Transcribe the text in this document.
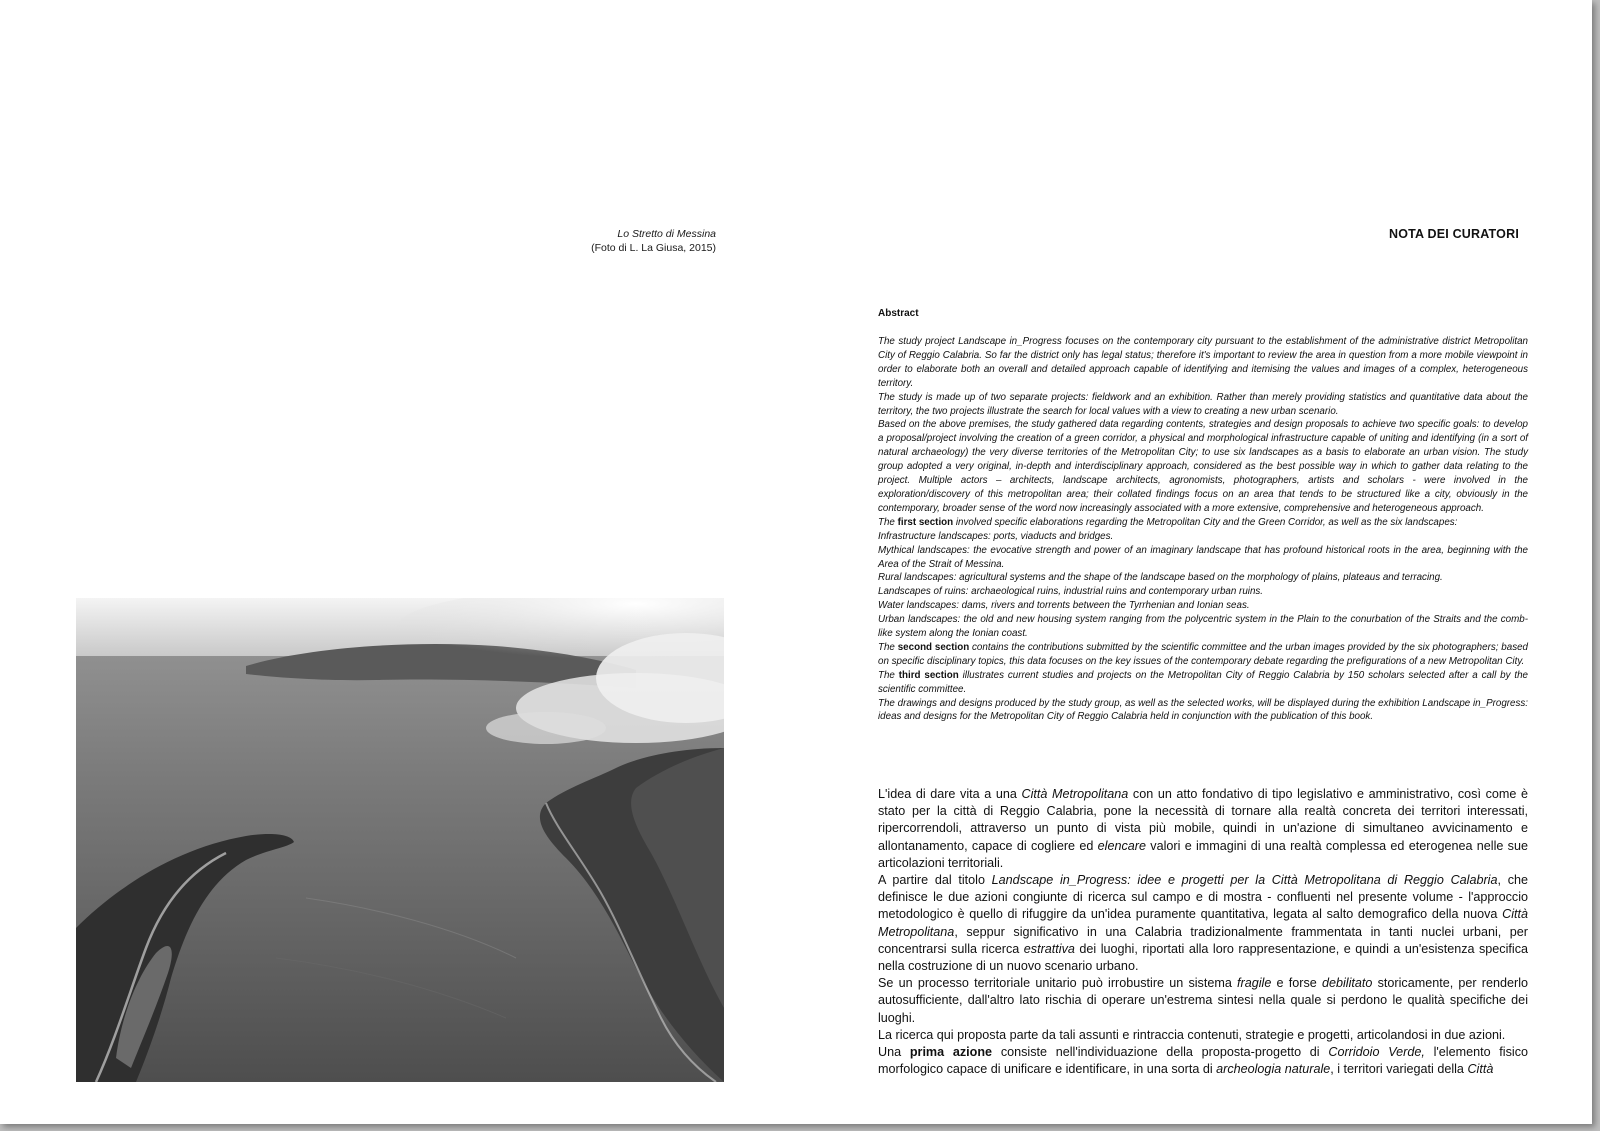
Lo Stretto di Messina
(Foto di L. La Giusa, 2015)
NOTA DEI CURATORI
Abstract

The study project Landscape in_Progress focuses on the contemporary city pursuant to the establishment of the administrative district Metropolitan City of Reggio Calabria. So far the district only has legal status; therefore it's important to review the area in question from a more mobile viewpoint in order to elaborate both an overall and detailed approach capable of identifying and itemising the values and images of a complex, heterogeneous territory.

The study is made up of two separate projects: fieldwork and an exhibition. Rather than merely providing statistics and quantitative data about the territory, the two projects illustrate the search for local values with a view to creating a new urban scenario.

Based on the above premises, the study gathered data regarding contents, strategies and design proposals to achieve two specific goals: to develop a proposal/project involving the creation of a green corridor, a physical and morphological infrastructure capable of uniting and identifying (in a sort of natural archaeology) the very diverse territories of the Metropolitan City; to use six landscapes as a basis to elaborate an urban vision. The study group adopted a very original, in-depth and interdisciplinary approach, considered as the best possible way in which to gather data relating to the project. Multiple actors – architects, landscape architects, agronomists, photographers, artists and scholars - were involved in the exploration/discovery of this metropolitan area; their collated findings focus on an area that tends to be structured like a city, obviously in the contemporary, broader sense of the word now increasingly associated with a more extensive, comprehensive and heterogeneous approach.

The first section involved specific elaborations regarding the Metropolitan City and the Green Corridor, as well as the six landscapes:

Infrastructure landscapes: ports, viaducts and bridges.

Mythical landscapes: the evocative strength and power of an imaginary landscape that has profound historical roots in the area, beginning with the Area of the Strait of Messina.

Rural landscapes: agricultural systems and the shape of the landscape based on the morphology of plains, plateaus and terracing.

Landscapes of ruins: archaeological ruins, industrial ruins and contemporary urban ruins.

Water landscapes: dams, rivers and torrents between the Tyrrhenian and Ionian seas.

Urban landscapes: the old and new housing system ranging from the polycentric system in the Plain to the conurbation of the Straits and the comb-like system along the Ionian coast.

The second section contains the contributions submitted by the scientific committee and the urban images provided by the six photographers; based on specific disciplinary topics, this data focuses on the key issues of the contemporary debate regarding the prefigurations of a new Metropolitan City.

The third section illustrates current studies and projects on the Metropolitan City of Reggio Calabria by 150 scholars selected after a call by the scientific committee.

The drawings and designs produced by the study group, as well as the selected works, will be displayed during the exhibition Landscape in_Progress: ideas and designs for the Metropolitan City of Reggio Calabria held in conjunction with the publication of this book.

L'idea di dare vita a una Città Metropolitana con un atto fondativo di tipo legislativo e amministrativo, così come è stato per la città di Reggio Calabria, pone la necessità di tornare alla realtà concreta dei territori interessati, ripercorrendoli, attraverso un punto di vista più mobile, quindi in un'azione di simultaneo avvicinamento e allontanamento, capace di cogliere ed elencare valori e immagini di una realtà complessa ed eterogenea nelle sue articolazioni territoriali.

A partire dal titolo Landscape in_Progress: idee e progetti per la Città Metropolitana di Reggio Calabria, che definisce le due azioni congiunte di ricerca sul campo e di mostra - confluenti nel presente volume - l'approccio metodologico è quello di rifuggire da un'idea puramente quantitativa, legata al salto demografico della nuova Città Metropolitana, seppur significativo in una Calabria tradizionalmente frammentata in tanti nuclei urbani, per concentrarsi sulla ricerca estrattiva dei luoghi, riportati alla loro rappresentazione, e quindi a un'esistenza specifica nella costruzione di un nuovo scenario urbano.

Se un processo territoriale unitario può irrobustire un sistema fragile e forse debilitato storicamente, per renderlo autosufficiente, dall'altro lato rischia di operare un'estrema sintesi nella quale si perdono le qualità specifiche dei luoghi.

La ricerca qui proposta parte da tali assunti e rintraccia contenuti, strategie e progetti, articolandosi in due azioni.

Una prima azione consiste nell'individuazione della proposta-progetto di Corridoio Verde, l'elemento fisico morfologico capace di unificare e identificare, in una sorta di archeologia naturale, i territori variegati della Città
